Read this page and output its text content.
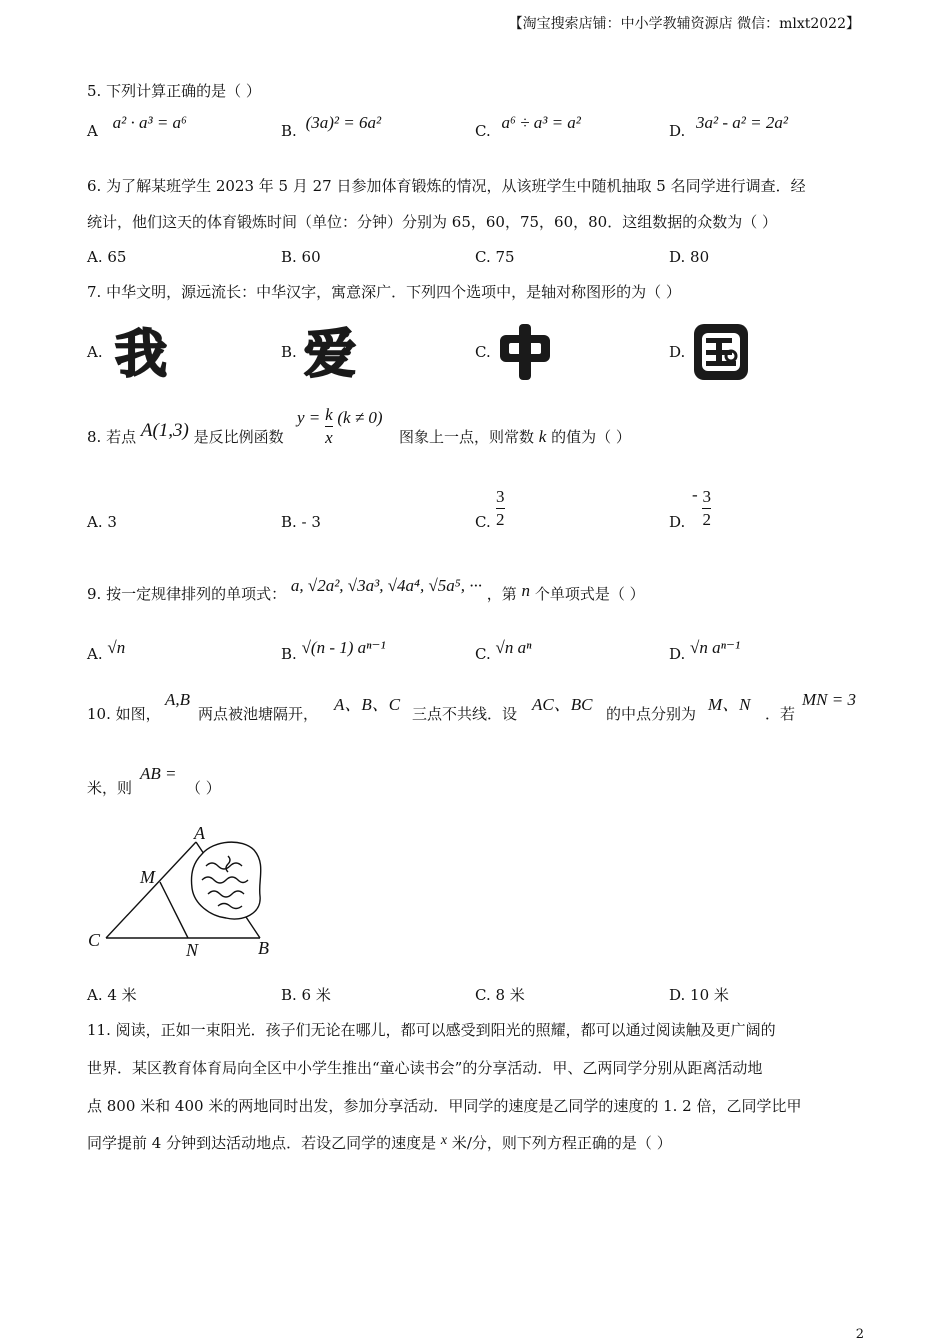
【淘宝搜索店铺：中小学教辅资源店 微信：mlxt2022】
5. 下列计算正确的是（ ）
A a² · a³ = a⁶	B. (3a)² = 6a²	C. a⁶ ÷ a³ = a²	D. 3a² - a² = 2a²
6. 为了解某班学生 2023 年 5 月 27 日参加体育锻炼的情况，从该班学生中随机抽取 5 名同学进行调查．经
统计，他们这天的体育锻炼时间（单位：分钟）分别为 65，60，75，60，80．这组数据的众数为（ ）
A. 65	B. 60	C. 75	D. 80
7. 中华文明，源远流长：中华汉字，寓意深广．下列四个选项中，是轴对称图形的为（ ）
A.	B.	C.	D.
我	爱
8. 若点 A(1,3) 是反比例函数
$y = \frac{k}{x} (k \ne 0)$
图象上一点，则常数 k 的值为（ ）
A. 3	B. - 3	C. $\frac{3}{2}$	D.
- $\frac{3}{2}$
9. 按一定规律排列的单项式： a, √2a², √3a³, √4a⁴, √5a⁵, ··· ，第 n 个单项式是（ ）
A. √n	B. √(n - 1) aⁿ⁻¹	C. √n aⁿ	D. √n aⁿ⁻¹
10. 如图，
A,B
两点被池塘隔开， A、B、C 三点不共线．设 AC、BC 的中点分别为 M、N ．若
MN = 3
米，则
AB =
（ ）
A
M
C	N	B
A. 4 米	B. 6 米	C. 8 米	D. 10 米
11. 阅读，正如一束阳光．孩子们无论在哪儿，都可以感受到阳光的照耀，都可以通过阅读触及更广阔的
世界．某区教育体育局向全区中小学生推出“童心读书会”的分享活动．甲、乙两同学分别从距离活动地
点 800 米和 400 米的两地同时出发，参加分享活动．甲同学的速度是乙同学的速度的 1. 2 倍，乙同学比甲
同学提前 4 分钟到达活动地点．若设乙同学的速度是 x 米/分，则下列方程正确的是（ ）
2
